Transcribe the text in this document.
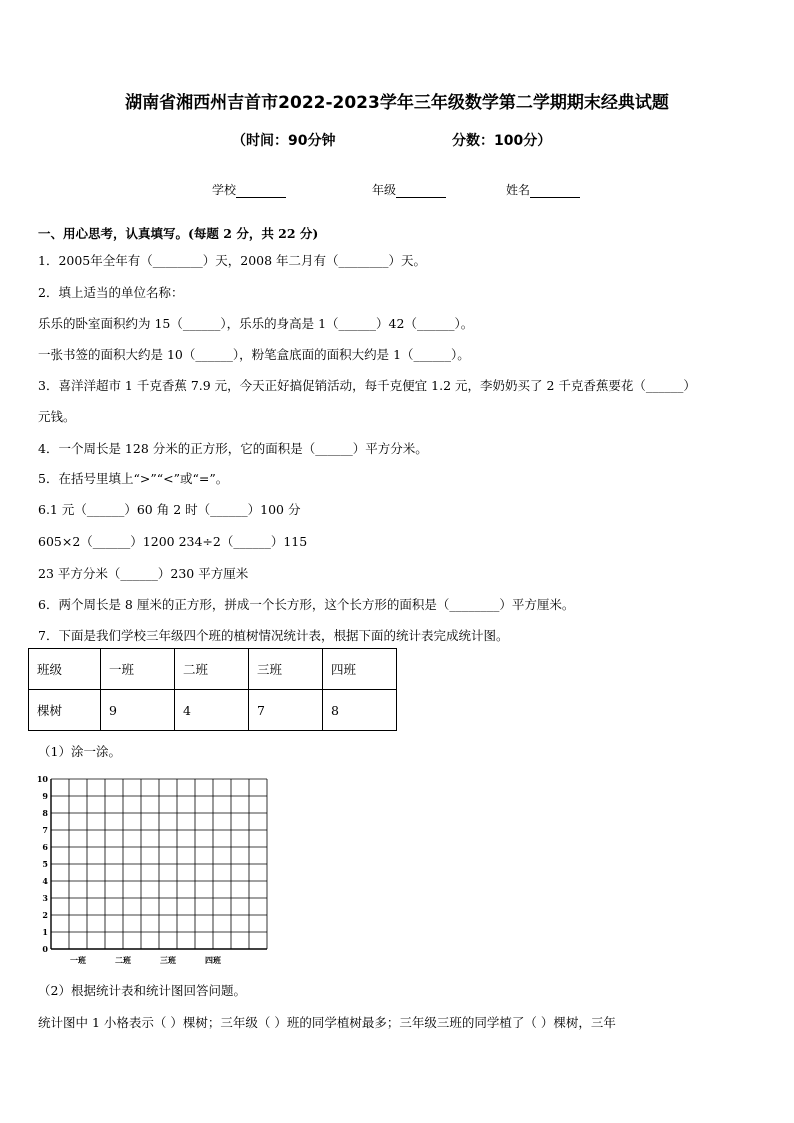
湖南省湘西州吉首市2022-2023学年三年级数学第二学期期末经典试题
（时间：90分钟	分数：100分）
学校	年级	姓名
一、用心思考，认真填写。(每题 2 分，共 22 分)
1．2005年全年有（________）天，2008 年二月有（________）天。
2．填上适当的单位名称：
乐乐的卧室面积约为 15（______），乐乐的身高是 1（______）42（______）。
一张书签的面积大约是 10（______），粉笔盒底面的面积大约是 1（______）。
3．喜洋洋超市 1 千克香蕉 7.9 元，今天正好搞促销活动，每千克便宜 1.2 元，李奶奶买了 2 千克香蕉要花（______）
元钱。
4．一个周长是 128 分米的正方形，它的面积是（______）平方分米。
5．在括号里填上“>”“<”或“=”。
6.1 元（______）60 角 2 时（______）100 分
605×2（______）1200 234÷2（______）115
23 平方分米（______）230 平方厘米
6．两个周长是 8 厘米的正方形，拼成一个长方形，这个长方形的面积是（________）平方厘米。
7．下面是我们学校三年级四个班的植树情况统计表，根据下面的统计表完成统计图。
班级	一班	二班	三班	四班
棵树	9	4	7	8
（1）涂一涂。
0
1
2
3
4
5
6
7
8
9
10
一班	二班	三班	四班
（2）根据统计表和统计图回答问题。
统计图中 1 小格表示（ ）棵树；三年级（ ）班的同学植树最多；三年级三班的同学植了（ ）棵树，三年
